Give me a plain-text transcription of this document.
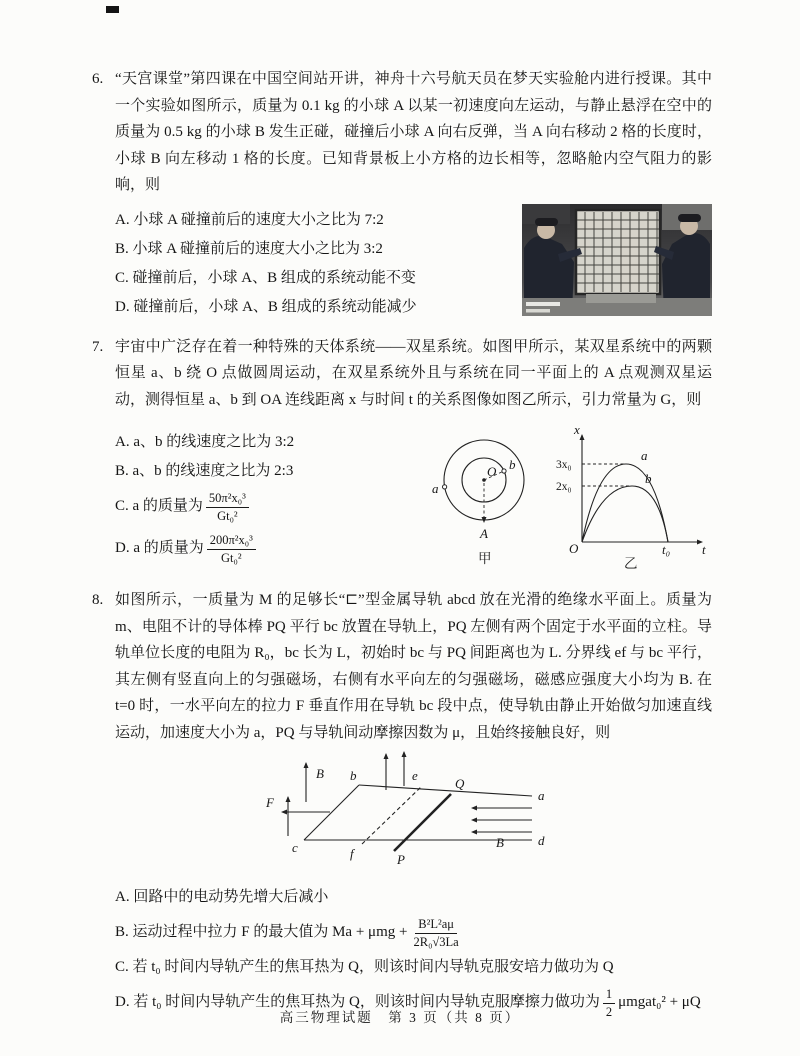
6. “天宫课堂”第四课在中国空间站开讲，神舟十六号航天员在梦天实验舱内进行授课。其中一个实验如图所示，质量为 0.1 kg 的小球 A 以某一初速度向左运动，与静止悬浮在空中的质量为 0.5 kg 的小球 B 发生正碰，碰撞后小球 A 向右反弹，当 A 向右移动 2 格的长度时，小球 B 向左移动 1 格的长度。已知背景板上小方格的边长相等，忽略舱内空气阻力的影响，则

A. 小球 A 碰撞前后的速度大小之比为 7:2
B. 小球 A 碰撞前后的速度大小之比为 3:2
C. 碰撞前后，小球 A、B 组成的系统动能不变
D. 碰撞前后，小球 A、B 组成的系统动能减少
7. 宇宙中广泛存在着一种特殊的天体系统——双星系统。如图甲所示，某双星系统中的两颗恒星 a、b 绕 O 点做圆周运动，在双星系统外且与系统在同一平面上的 A 点观测双星运动，测得恒星 a、b 到 OA 连线距离 x 与时间 t 的关系图像如图乙所示，引力常量为 G，则

A. a、b 的线速度之比为 3:2
B. a、b 的线速度之比为 2:3
C. a 的质量为 $\frac{\text{50π²x₀³}}{\text{Gt₀²}}$
D. a 的质量为 $\frac{\text{200π²x₀³}}{\text{Gt₀²}}$
O b
a
A
甲
x
t
O
3x₀
2x₀
a
b
t₀
乙
8. 如图所示，一质量为 M 的足够长“⊏”型金属导轨 abcd 放在光滑的绝缘水平面上。质量为 m、电阻不计的导体棒 PQ 平行 bc 放置在导轨上，PQ 左侧有两个固定于水平面的立柱。导轨单位长度的电阻为 R₀，bc 长为 L，初始时 bc 与 PQ 间距离也为 L. 分界线 ef 与 bc 平行，其左侧有竖直向上的匀强磁场，右侧有水平向左的匀强磁场，磁感应强度大小均为 B. 在 t=0 时，一水平向左的拉力 F 垂直作用在导轨 bc 段中点，使导轨由静止开始做匀加速直线运动，加速度大小为 a，PQ 与导轨间动摩擦因数为 μ，且始终接触良好，则

B b	e
Q
a
F
c	f	P
B	d
A. 回路中的电动势先增大后减小
B. 运动过程中拉力 F 的最大值为 $Ma + \mu mg + \frac{\text{B²L²aμ}}{\text{2R₀√3La}}$
C. 若 t₀ 时间内导轨产生的焦耳热为 Q，则该时间内导轨克服安培力做功为 Q
D. 若 t₀ 时间内导轨产生的焦耳热为 Q，则该时间内导轨克服摩擦力做功为 $\frac{1}{2}$ μmgat₀² + μQ
高三物理试题　第 3 页（共 8 页）
